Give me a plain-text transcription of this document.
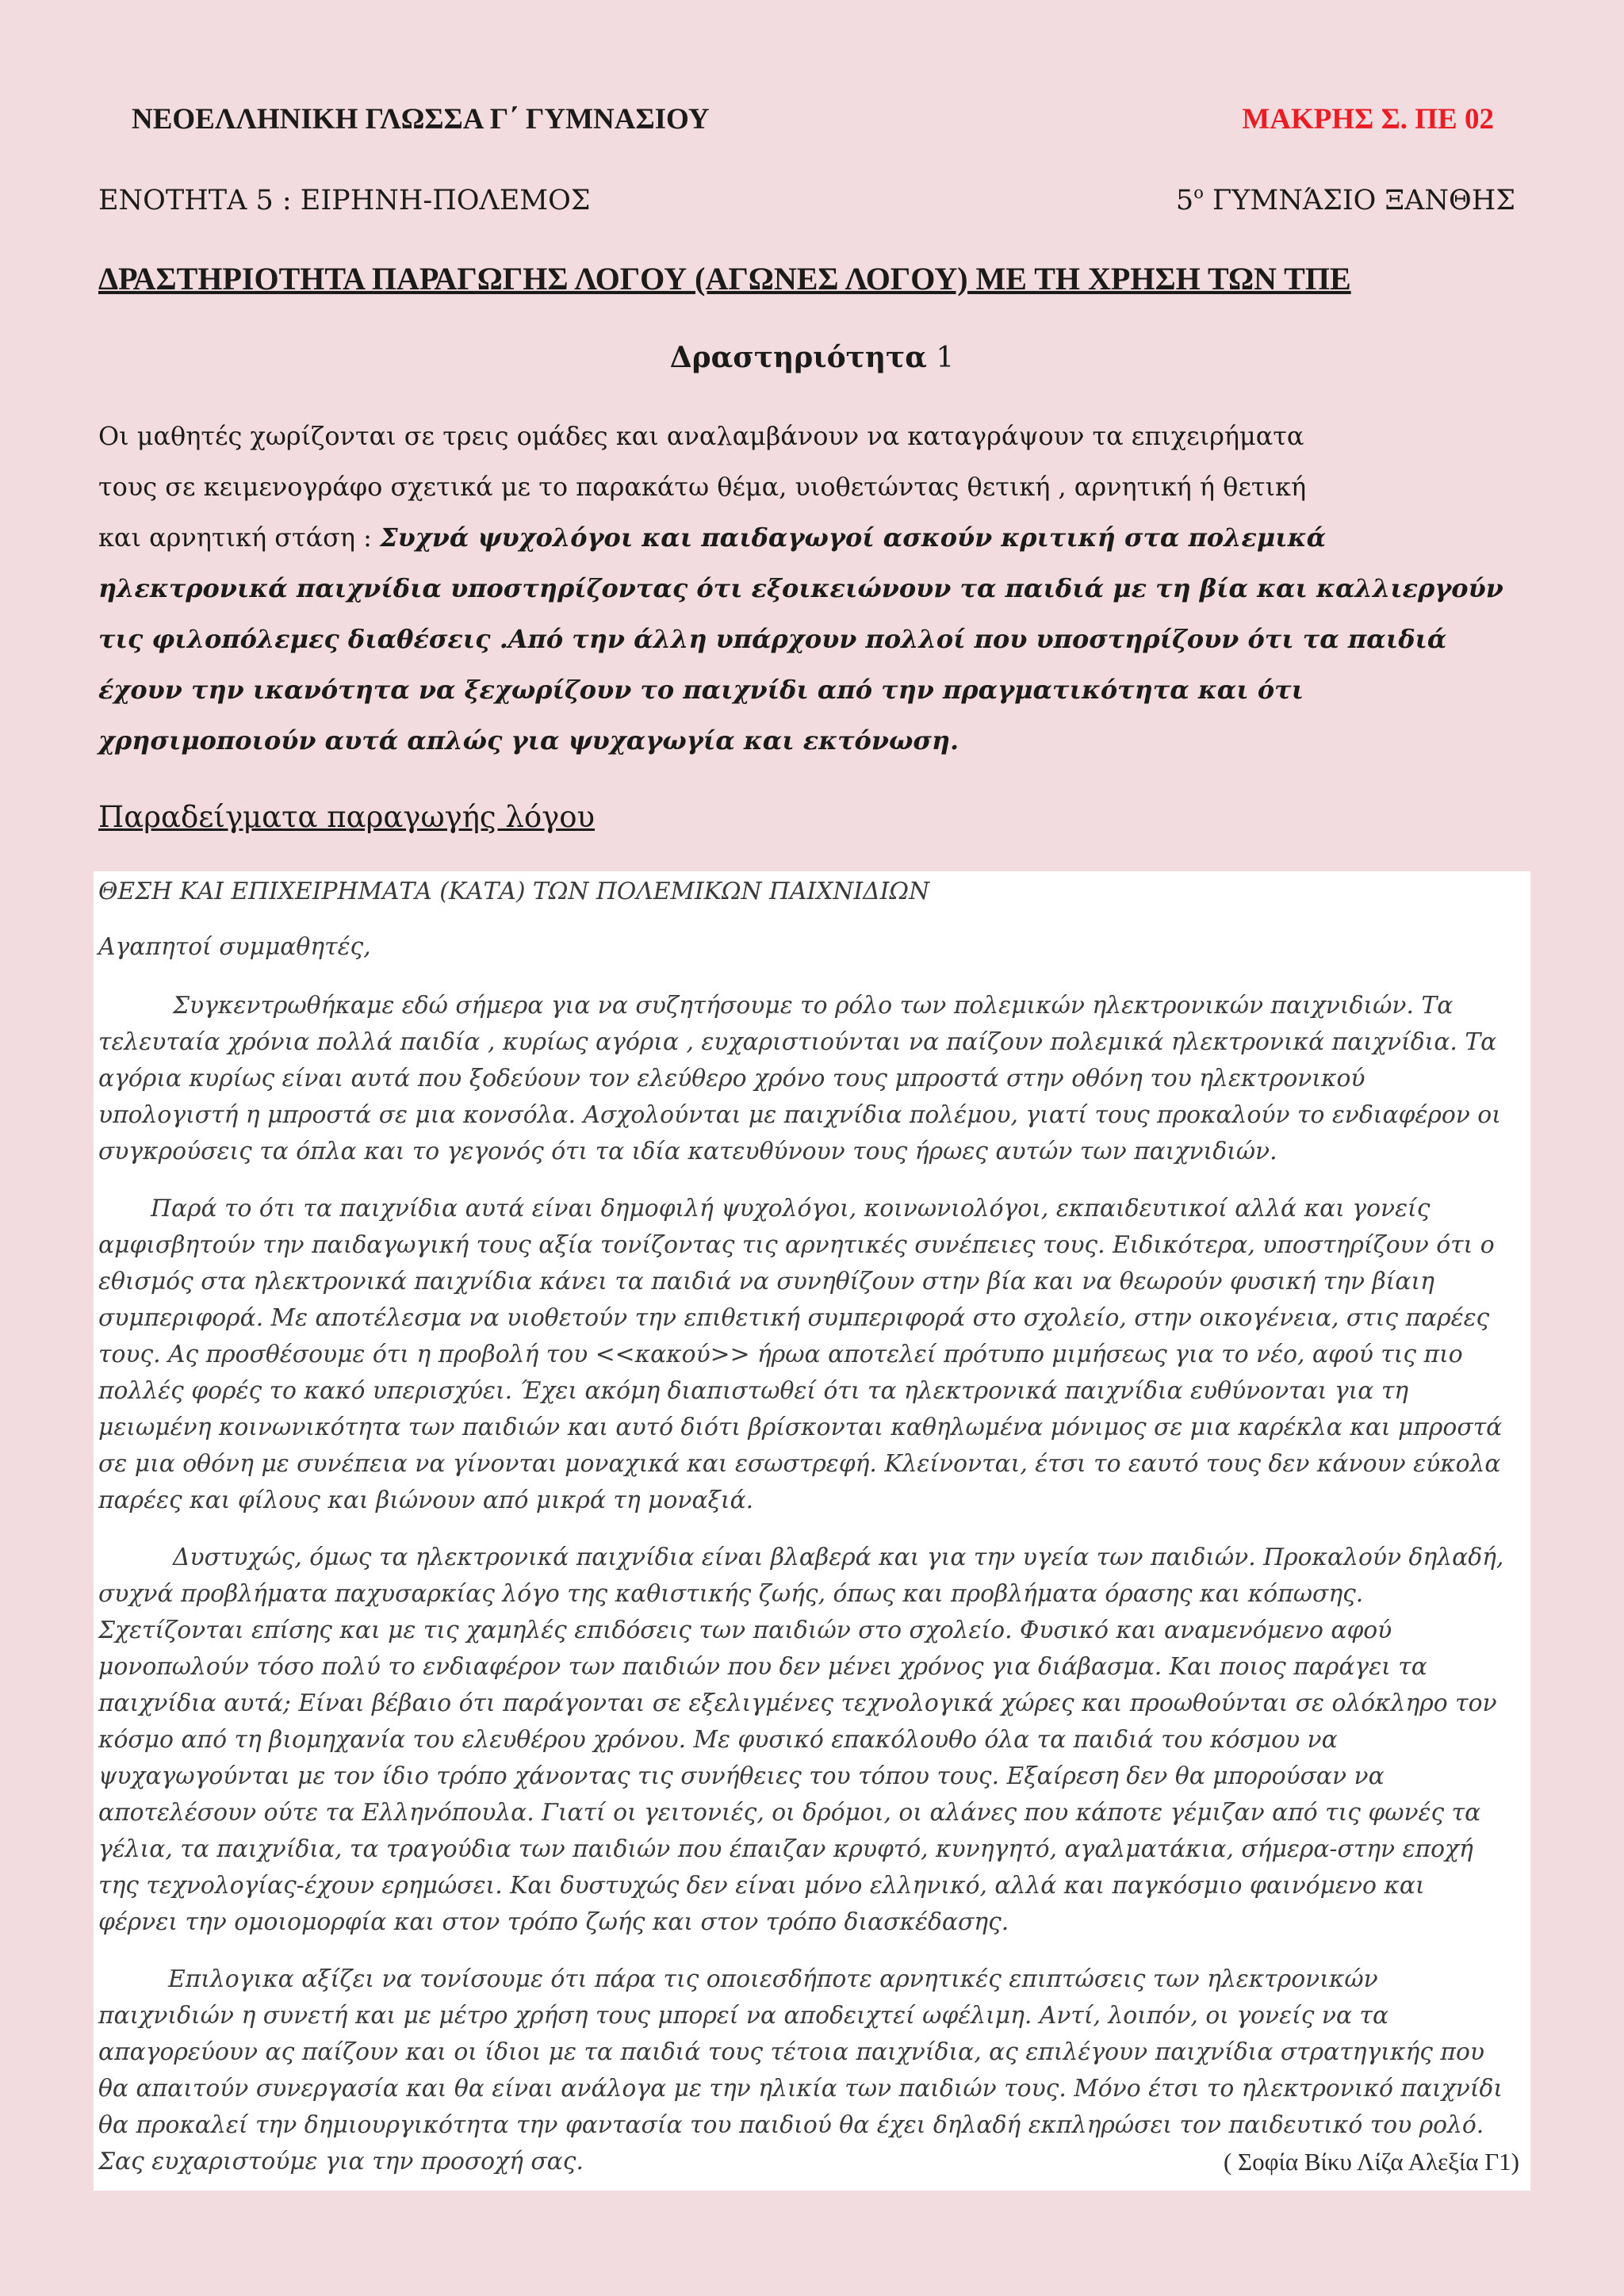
ΝΕΟΕΛΛΗΝΙΚΗ ΓΛΩΣΣΑ Γ΄ ΓΥΜΝΑΣΙΟΥ	ΜΑΚΡΗΣ Σ. ΠΕ 02
ΕΝΟΤΗΤΑ 5 : ΕΙΡΗΝΗ-ΠΟΛΕΜΟΣ	$5^o$ ΓΥΜΝΆΣΙΟ ΞΑΝΘΗΣ
ΔΡΑΣΤΗΡΙΟΤΗΤΑ ΠΑΡΑΓΩΓΗΣ ΛΟΓΟΥ (ΑΓΩΝΕΣ ΛΟΓΟΥ) ΜΕ ΤΗ ΧΡΗΣΗ ΤΩΝ ΤΠΕ
Δραστηριότητα 1
Οι μαθητές χωρίζονται σε τρεις ομάδες και αναλαμβάνουν να καταγράψουν τα επιχειρήματα
τους σε κειμενογράφο σχετικά με το παρακάτω θέμα, υιοθετώντας θετική , αρνητική ή θετική
και αρνητική στάση : Συχνά ψυχολόγοι και παιδαγωγοί ασκούν κριτική στα πολεμικά
ηλεκτρονικά παιχνίδια υποστηρίζοντας ότι εξοικειώνουν τα παιδιά με τη βία και καλλιεργούν
τις φιλοπόλεμες διαθέσεις .Από την άλλη υπάρχουν πολλοί που υποστηρίζουν ότι τα παιδιά
έχουν την ικανότητα να ξεχωρίζουν το παιχνίδι από την πραγματικότητα και ότι
χρησιμοποιούν αυτά απλώς για ψυχαγωγία και εκτόνωση.
Παραδείγματα παραγωγής λόγου
ΘΕΣΗ ΚΑΙ ΕΠΙΧΕΙΡΗΜΑΤΑ (ΚΑΤΑ) ΤΩΝ ΠΟΛΕΜΙΚΩΝ ΠΑΙΧΝΙΔΙΩΝ
Αγαπητοί συμμαθητές,
Συγκεντρωθήκαμε εδώ σήμερα για να συζητήσουμε το ρόλο των πολεμικών ηλεκτρονικών παιχνιδιών. Τα
τελευταία χρόνια πολλά παιδία , κυρίως αγόρια , ευχαριστιούνται να παίζουν πολεμικά ηλεκτρονικά παιχνίδια. Τα
αγόρια κυρίως είναι αυτά που ξοδεύουν τον ελεύθερο χρόνο τους μπροστά στην οθόνη του ηλεκτρονικού
υπολογιστή η μπροστά σε μια κονσόλα. Ασχολούνται με παιχνίδια πολέμου, γιατί τους προκαλούν το ενδιαφέρον οι
συγκρούσεις τα όπλα και το γεγονός ότι τα ιδία κατευθύνουν τους ήρωες αυτών των παιχνιδιών.
Παρά το ότι τα παιχνίδια αυτά είναι δημοφιλή ψυχολόγοι, κοινωνιολόγοι, εκπαιδευτικοί αλλά και γονείς
αμφισβητούν την παιδαγωγική τους αξία τονίζοντας τις αρνητικές συνέπειες τους. Ειδικότερα, υποστηρίζουν ότι ο
εθισμός στα ηλεκτρονικά παιχνίδια κάνει τα παιδιά να συνηθίζουν στην βία και να θεωρούν φυσική την βίαιη
συμπεριφορά. Με αποτέλεσμα να υιοθετούν την επιθετική συμπεριφορά στο σχολείο, στην οικογένεια, στις παρέες
τους. Ας προσθέσουμε ότι η προβολή του <<κακού>> ήρωα αποτελεί πρότυπο μιμήσεως για το νέο, αφού τις πιο
πολλές φορές το κακό υπερισχύει. Έχει ακόμη διαπιστωθεί ότι τα ηλεκτρονικά παιχνίδια ευθύνονται για τη
μειωμένη κοινωνικότητα των παιδιών και αυτό διότι βρίσκονται καθηλωμένα μόνιμος σε μια καρέκλα και μπροστά
σε μια οθόνη με συνέπεια να γίνονται μοναχικά και εσωστρεφή. Κλείνονται, έτσι το εαυτό τους δεν κάνουν εύκολα
παρέες και φίλους και βιώνουν από μικρά τη μοναξιά.
Δυστυχώς, όμως τα ηλεκτρονικά παιχνίδια είναι βλαβερά και για την υγεία των παιδιών. Προκαλούν δηλαδή,
συχνά προβλήματα παχυσαρκίας λόγο της καθιστικής ζωής, όπως και προβλήματα όρασης και κόπωσης.
Σχετίζονται επίσης και με τις χαμηλές επιδόσεις των παιδιών στο σχολείο. Φυσικό και αναμενόμενο αφού
μονοπωλούν τόσο πολύ το ενδιαφέρον των παιδιών που δεν μένει χρόνος για διάβασμα. Και ποιος παράγει τα
παιχνίδια αυτά; Είναι βέβαιο ότι παράγονται σε εξελιγμένες τεχνολογικά χώρες και προωθούνται σε ολόκληρο τον
κόσμο από τη βιομηχανία του ελευθέρου χρόνου. Με φυσικό επακόλουθο όλα τα παιδιά του κόσμου να
ψυχαγωγούνται με τον ίδιο τρόπο χάνοντας τις συνήθειες του τόπου τους. Εξαίρεση δεν θα μπορούσαν να
αποτελέσουν ούτε τα Ελληνόπουλα. Γιατί οι γειτονιές, οι δρόμοι, οι αλάνες που κάποτε γέμιζαν από τις φωνές τα
γέλια, τα παιχνίδια, τα τραγούδια των παιδιών που έπαιζαν κρυφτό, κυνηγητό, αγαλματάκια, σήμερα-στην εποχή
της τεχνολογίας-έχουν ερημώσει. Και δυστυχώς δεν είναι μόνο ελληνικό, αλλά και παγκόσμιο φαινόμενο και
φέρνει την ομοιομορφία και στον τρόπο ζωής και στον τρόπο διασκέδασης.
Επιλογικα αξίζει να τονίσουμε ότι πάρα τις οποιεσδήποτε αρνητικές επιπτώσεις των ηλεκτρονικών
παιχνιδιών η συνετή και με μέτρο χρήση τους μπορεί να αποδειχτεί ωφέλιμη. Αντί, λοιπόν, οι γονείς να τα
απαγορεύουν ας παίζουν και οι ίδιοι με τα παιδιά τους τέτοια παιχνίδια, ας επιλέγουν παιχνίδια στρατηγικής που
θα απαιτούν συνεργασία και θα είναι ανάλογα με την ηλικία των παιδιών τους. Μόνο έτσι το ηλεκτρονικό παιχνίδι
θα προκαλεί την δημιουργικότητα την φαντασία του παιδιού θα έχει δηλαδή εκπληρώσει τον παιδευτικό του ρολό.
Σας ευχαριστούμε για την προσοχή σας.	( Σοφία Βίκυ Λίζα Αλεξία Γ1)
